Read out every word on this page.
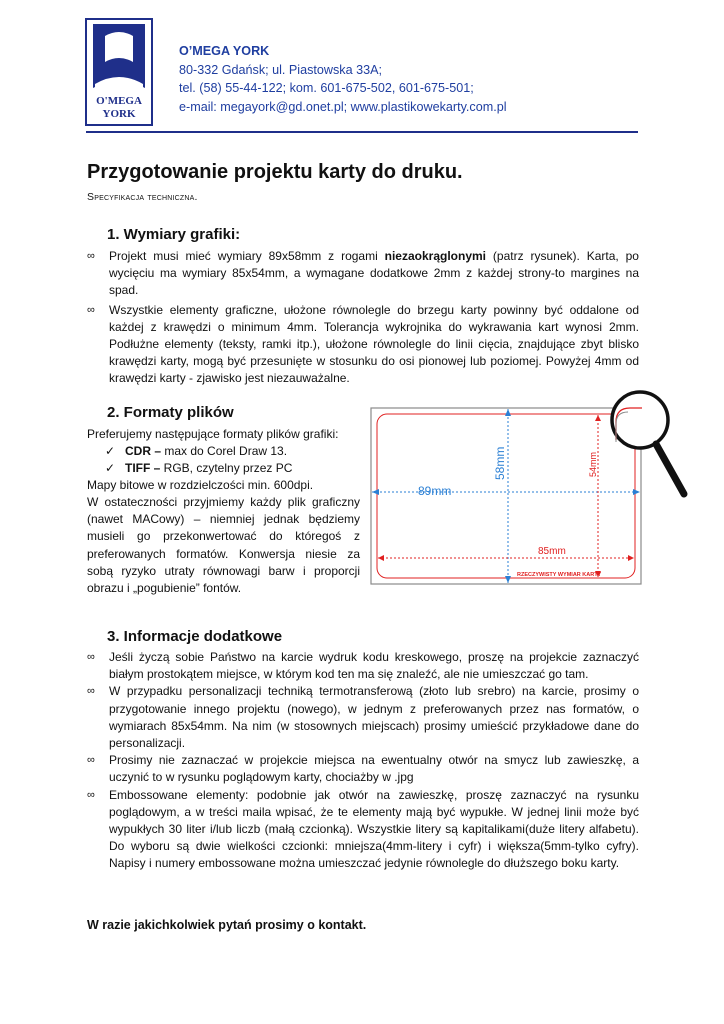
O'MEGA
YORK
O’MEGA YORK
80-332 Gdańsk; ul. Piastowska 33A;
tel. (58) 55-44-122; kom. 601-675-502, 601-675-501;
e-mail: megayork@gd.onet.pl; www.plastikowekarty.com.pl
Przygotowanie projektu karty do druku.
Specyfikacja techniczna.
1. Wymiary grafiki:
∞ Projekt musi mieć wymiary 89x58mm z rogami niezaokrąglonymi (patrz rysunek). Karta, po wycięciu ma wymiary 85x54mm, a wymagane dodatkowe 2mm z każdej strony-to margines na spad.
∞ Wszystkie elementy graficzne, ułożone równolegle do brzegu karty powinny być oddalone od każdej z krawędzi o minimum 4mm. Tolerancja wykrojnika do wykrawania kart wynosi 2mm. Podłużne elementy (teksty, ramki itp.), ułożone równolegle do linii cięcia, znajdujące zbyt blisko krawędzi karty, mogą być przesunięte w stosunku do osi pionowej lub poziomej. Powyżej 4mm od krawędzi karty - zjawisko jest niezauważalne.
2. Formaty plików
Preferujemy następujące formaty plików grafiki:
✓ CDR – max do Corel Draw 13.
✓ TIFF – RGB, czytelny przez PC
Mapy bitowe w rozdzielczości min. 600dpi.
W ostateczności przyjmiemy każdy plik graficzny (nawet MACowy) – niemniej jednak będziemy musieli go przekonwertować do któregoś z preferowanych formatów. Konwersja niesie za sobą ryzyko utraty równowagi barw i proporcji obrazu i „pogubienie” fontów.
89mm
58mm	54mm
85mm
RZECZYWISTY WYMIAR KARTY
3. Informacje dodatkowe
∞ Jeśli życzą sobie Państwo na karcie wydruk kodu kreskowego, proszę na projekcie zaznaczyć białym prostokątem miejsce, w którym kod ten ma się znaleźć, ale nie umieszczać go tam.
∞ W przypadku personalizacji techniką termotransferową (złoto lub srebro) na karcie, prosimy o przygotowanie innego projektu (nowego), w jednym z preferowanych przez nas formatów, o wymiarach 85x54mm. Na nim (w stosownych miejscach) prosimy umieścić przykładowe dane do personalizacji.
∞ Prosimy nie zaznaczać w projekcie miejsca na ewentualny otwór na smycz lub zawieszkę, a uczynić to w rysunku poglądowym karty, chociażby w .jpg
∞ Embossowane elementy: podobnie jak otwór na zawieszkę, proszę zaznaczyć na rysunku poglądowym, a w treści maila wpisać, że te elementy mają być wypukłe. W jednej linii może być wypukłych 30 liter i/lub liczb (małą czcionką). Wszystkie litery są kapitalikami(duże litery alfabetu). Do wyboru są dwie wielkości czcionki: mniejsza(4mm-litery i cyfr) i większa(5mm-tylko cyfry). Napisy i numery embossowane można umieszczać jedynie równolegle do dłuższego boku karty.
W razie jakichkolwiek pytań prosimy o kontakt.
